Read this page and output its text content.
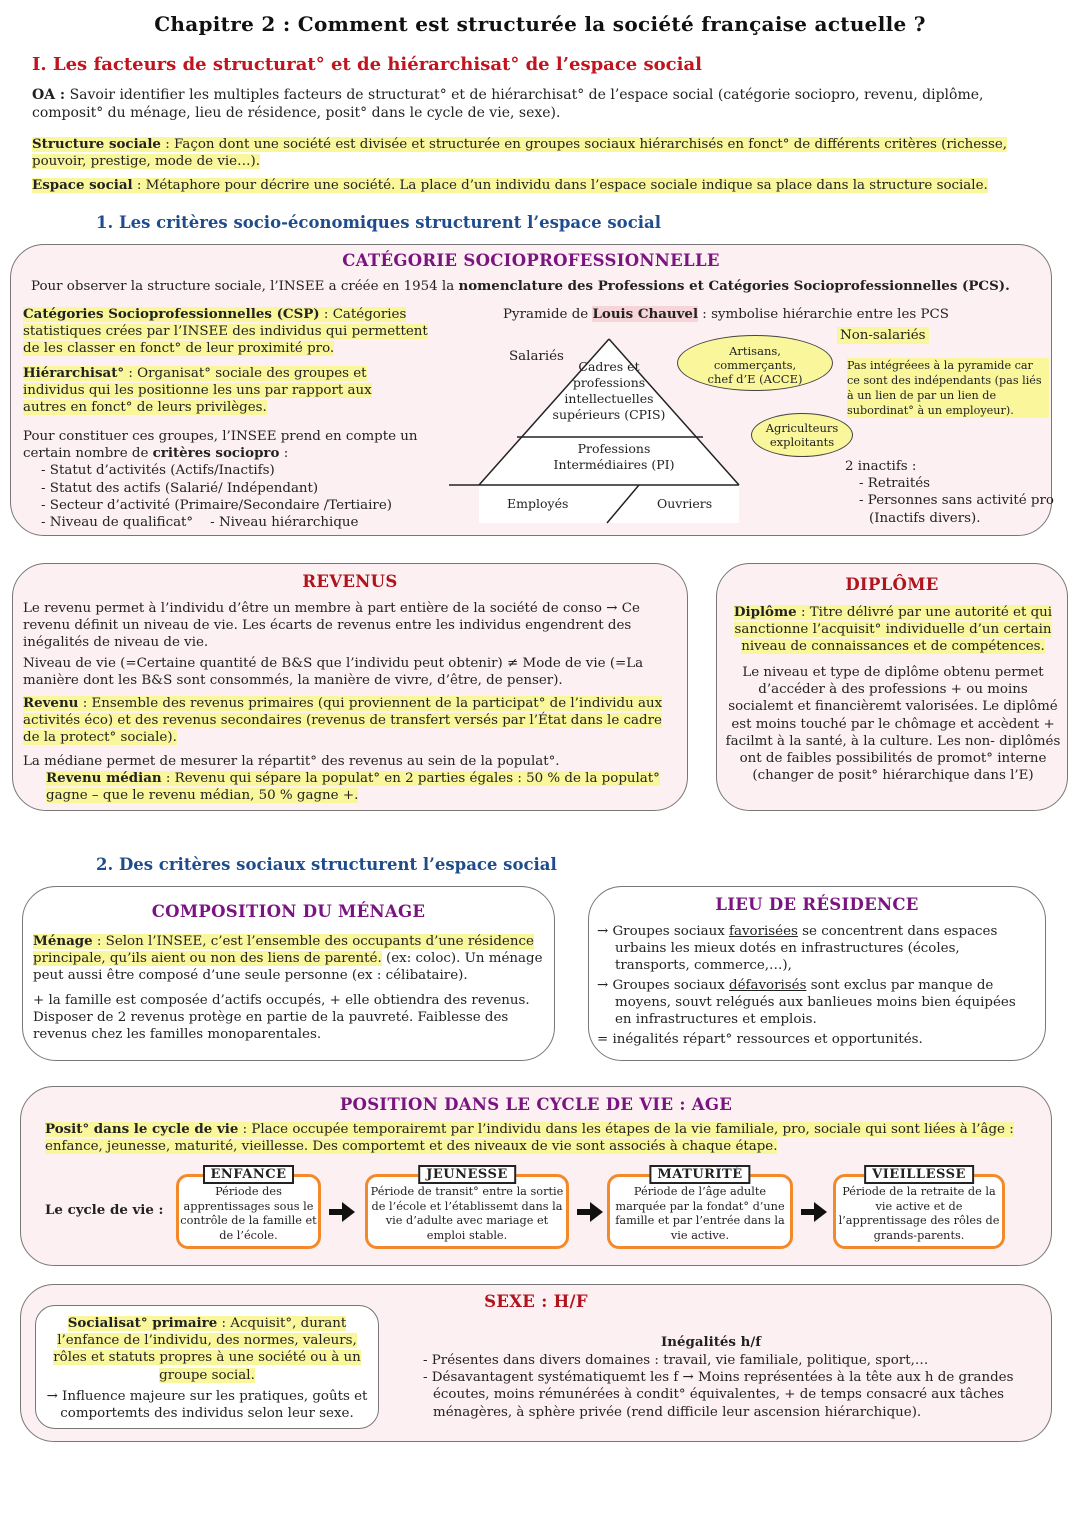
Chapitre 2 : Comment est structurée la société française actuelle ?
I. Les facteurs de structurat° et de hiérarchisat° de l’espace social
OA : Savoir identifier les multiples facteurs de structurat° et de hiérarchisat° de l’espace social (catégorie sociopro, revenu, diplôme, composit° du ménage, lieu de résidence, posit° dans le cycle de vie, sexe).
Structure sociale : Façon dont une société est divisée et structurée en groupes sociaux hiérarchisés en fonct° de différents critères (richesse, pouvoir, prestige, mode de vie…).
Espace social : Métaphore pour décrire une société. La place d’un individu dans l’espace sociale indique sa place dans la structure sociale.
1. Les critères socio-économiques structurent l’espace social
CATÉGORIE SOCIOPROFESSIONNELLE
Pour observer la structure sociale, l’INSEE a créée en 1954 la nomenclature des Professions et Catégories Socioprofessionnelles (PCS).
Catégories Socioprofessionnelles (CSP) : Catégories statistiques crées par l’INSEE des individus qui permettent de les classer en fonct° de leur proximité pro.
Hiérarchisat° : Organisat° sociale des groupes et individus qui les positionne les uns par rapport aux autres en fonct° de leurs privilèges.
Pour constituer ces groupes, l’INSEE prend en compte un certain nombre de critères sociopro :
- Statut d’activités (Actifs/Inactifs)
- Statut des actifs (Salarié/ Indépendant)
- Secteur d’activité (Primaire/Secondaire /Tertiaire)
- Niveau de qualificat°    - Niveau hiérarchique
Pyramide de Louis Chauvel : symbolise hiérarchie entre les PCS
Salariés
Cadres et professions intellectuelles supérieurs (CPIS)
Professions Intermédiaires (PI)
Employés	Ouvriers
Artisans, commerçants, chef d’E (ACCE)
Agriculteurs exploitants
Non-salariés
Pas intégréees à la pyramide car ce sont des indépendants (pas liés à un lien de par un lien de subordinat° à un employeur).
2 inactifs :
- Retraités
- Personnes sans activité pro (Inactifs divers).
REVENUS
Le revenu permet à l’individu d’être un membre à part entière de la société de conso → Ce revenu définit un niveau de vie. Les écarts de revenus entre les individus engendrent des inégalités de niveau de vie.
Niveau de vie (=Certaine quantité de B&S que l’individu peut obtenir) ≠ Mode de vie (=La manière dont les B&S sont consommés, la manière de vivre, d’être, de penser).
Revenu : Ensemble des revenus primaires (qui proviennent de la participat° de l’individu aux activités éco) et des revenus secondaires (revenus de transfert versés par l’État dans le cadre de la protect° sociale).
La médiane permet de mesurer la répartit° des revenus au sein de la populat°.
Revenu médian : Revenu qui sépare la populat° en 2 parties égales : 50 % de la populat° gagne – que le revenu médian, 50 % gagne +.
DIPLÔME
Diplôme : Titre délivré par une autorité et qui sanctionne l’acquisit° individuelle d’un certain niveau de connaissances et de compétences.
Le niveau et type de diplôme obtenu permet d’accéder à des professions + ou moins socialemt et financièremt valorisées. Le diplômé est moins touché par le chômage et accèdent + facilmt à la santé, à la culture. Les non- diplômés ont de faibles possibilités de promot° interne (changer de posit° hiérarchique dans l’E)
2. Des critères sociaux structurent l’espace social
COMPOSITION DU MÉNAGE
Ménage : Selon l’INSEE, c’est l’ensemble des occupants d’une résidence principale, qu’ils aient ou non des liens de parenté. (ex: coloc). Un ménage peut aussi être composé d’une seule personne (ex : célibataire).
+ la famille est composée d’actifs occupés, + elle obtiendra des revenus. Disposer de 2 revenus protège en partie de la pauvreté. Faiblesse des revenus chez les familles monoparentales.
LIEU DE RÉSIDENCE
→ Groupes sociaux favorisées se concentrent dans espaces urbains les mieux dotés en infrastructures (écoles, transports, commerce,…),
→ Groupes sociaux défavorisés sont exclus par manque de moyens, souvt relégués aux banlieues moins bien équipées en infrastructures et emplois.
= inégalités répart° ressources et opportunités.
POSITION DANS LE CYCLE DE VIE : AGE
Posit° dans le cycle de vie : Place occupée temporairemt par l’individu dans les étapes de la vie familiale, pro, sociale qui sont liées à l’âge : enfance, jeunesse, maturité, vieillesse. Des comportemt et des niveaux de vie sont associés à chaque étape.
Le cycle de vie :
ENFANCE
Période des apprentissages sous le contrôle de la famille et de l’école.
JEUNESSE
Période de transit° entre la sortie de l’école et l’établissemt dans la vie d’adulte avec mariage et emploi stable.
MATURITÉ
Période de l’âge adulte marquée par la fondat° d’une famille et par l’entrée dans la vie active.
VIEILLESSE
Période de la retraite de la vie active et de l’apprentissage des rôles de grands-parents.
SEXE : H/F
Socialisat° primaire : Acquisit°, durant l’enfance de l’individu, des normes, valeurs, rôles et statuts propres à une société ou à un groupe social.
→ Influence majeure sur les pratiques, goûts et comportemts des individus selon leur sexe.
Inégalités h/f
- Présentes dans divers domaines : travail, vie familiale, politique, sport,…
- Désavantagent systématiquemt les f → Moins représentées à la tête aux h de grandes écoutes, moins rémunérées à condit° équivalentes, + de temps consacré aux tâches ménagères, à sphère privée (rend difficile leur ascension hiérarchique).
